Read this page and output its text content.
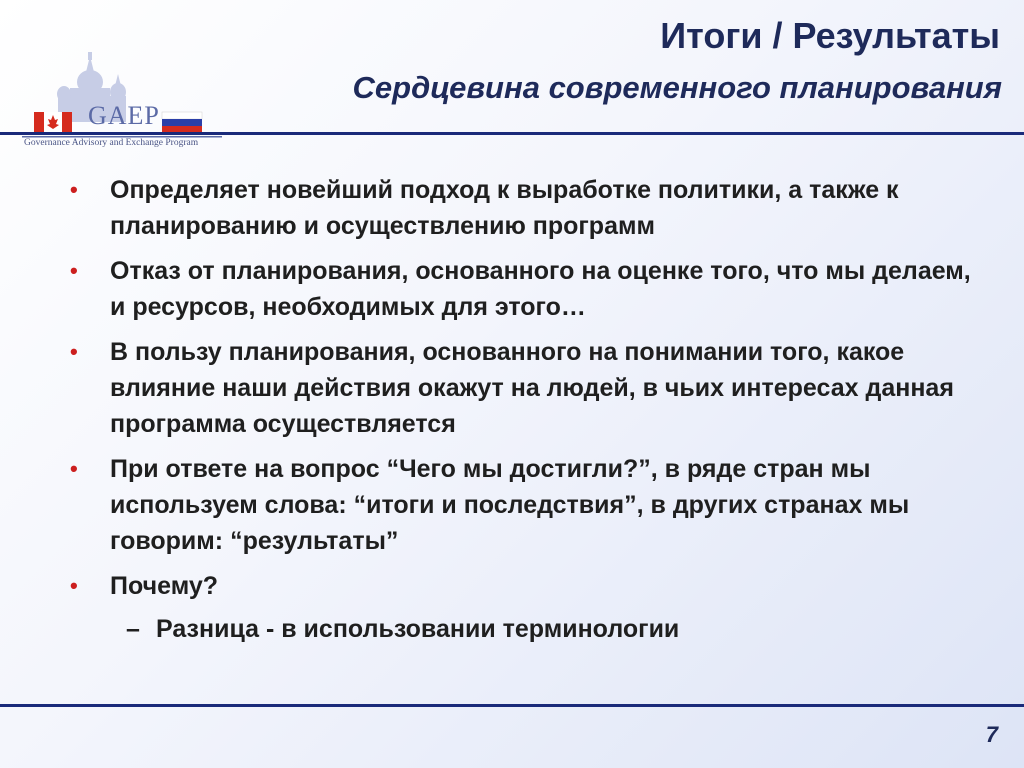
GAEP
Governance Advisory and Exchange Program
Итоги / Результаты
Сердцевина современного планирования
• Определяет новейший подход к выработке политики, а также к планированию и осуществлению программ
• Отказ от планирования, основанного на оценке того, что мы делаем, и ресурсов, необходимых для этого…
• В пользу планирования, основанного на понимании того, какое влияние наши действия окажут на людей, в чьих интересах данная программа осуществляется
• При ответе на вопрос “Чего мы достигли?”, в ряде стран мы используем слова: “итоги и последствия”, в других странах мы говорим: “результаты”
• Почему?
– Разница - в использовании терминологии
7
